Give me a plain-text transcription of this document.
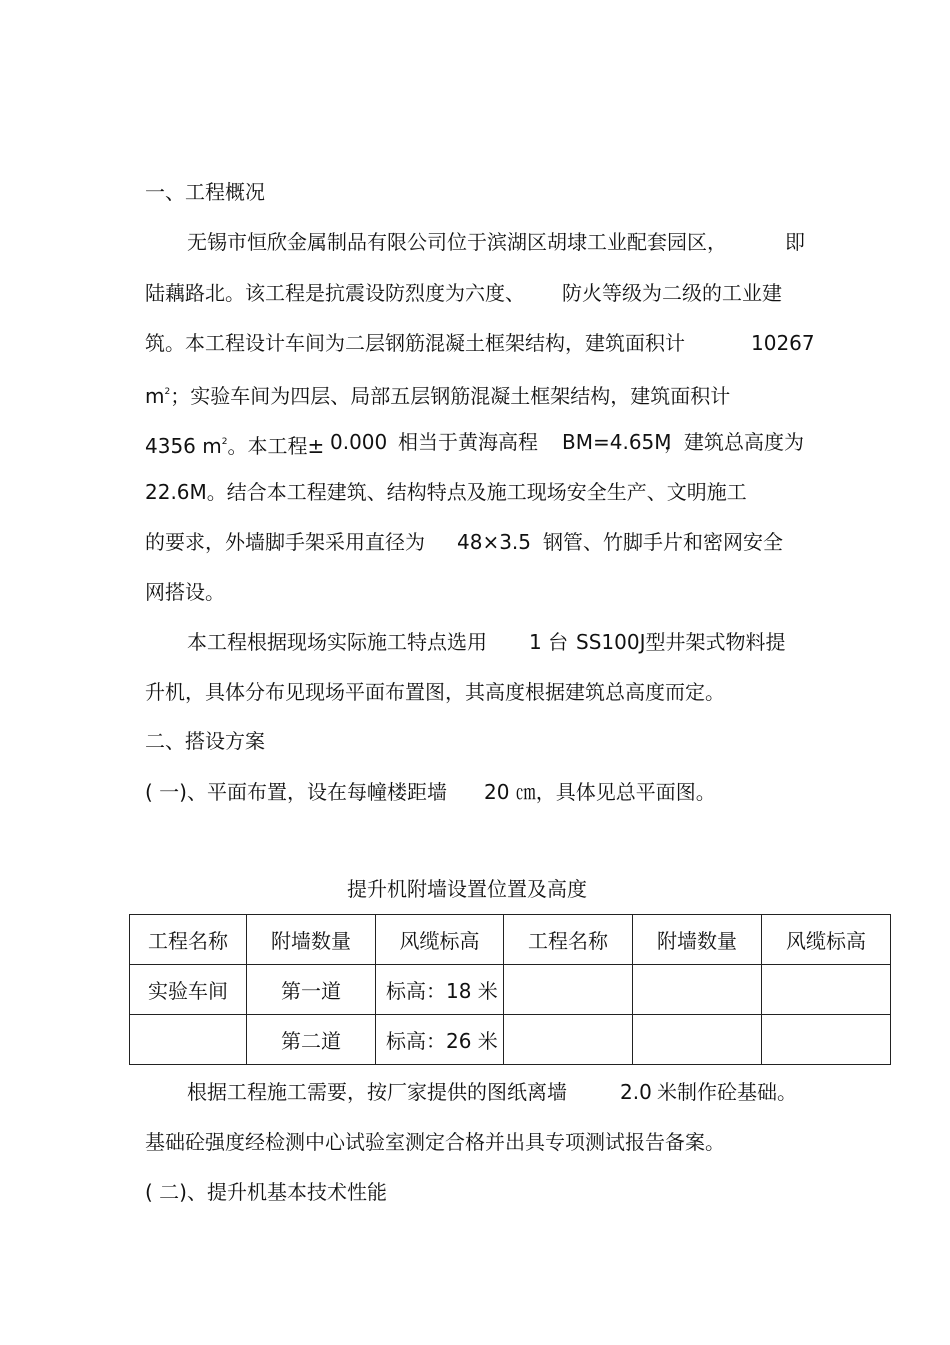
一、工程概况
无锡市恒欣金属制品有限公司位于滨湖区胡埭工业配套园区，	即
陆藕路北。该工程是抗震设防烈度为六度、 防火等级为二级的工业建
筑。本工程设计车间为二层钢筋混凝土框架结构，建筑面积计	10267
$m^2$；实验车间为四层、局部五层钢筋混凝土框架结构，建筑面积计
4356 $m^2$。本工程± 0.000 相当于黄海高程 BM=4.65M
，建筑总高度为
22.6M。结合本工程建筑、结构特点及施工现场安全生产、文明施工
的要求，外墙脚手架采用直径为 48×3.5 钢管、竹脚手片和密网安全
网搭设。
本工程根据现场实际施工特点选用 1 台 SS100J型井架式物料提
升机，具体分布见现场平面布置图，其高度根据建筑总高度而定。
二、搭设方案
( 一)、平面布置，设在每幢楼距墙 20 ㎝，具体见总平面图。
提升机附墙设置位置及高度
工程名称	附墙数量	风缆标高	工程名称	附墙数量	风缆标高
实验车间	第一道	标高：18 米			
	第二道	标高：26 米			
根据工程施工需要，按厂家提供的图纸离墙	2.0 米制作砼基础。
基础砼强度经检测中心试验室测定合格并出具专项测试报告备案。
( 二)、提升机基本技术性能
